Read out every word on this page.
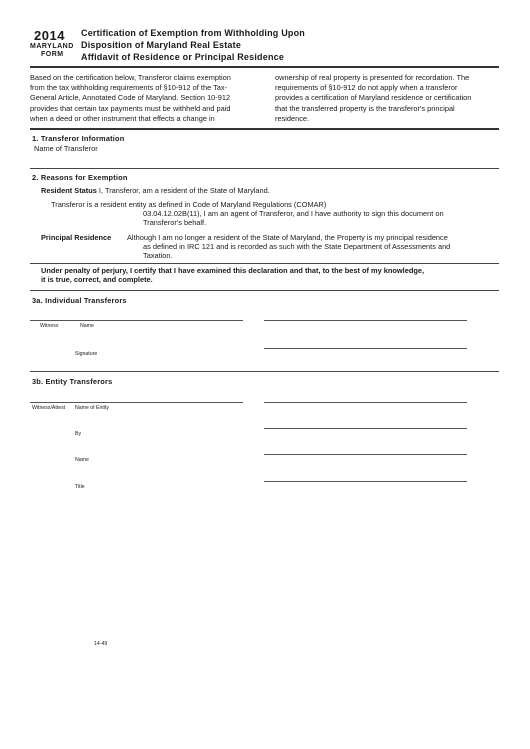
2014
MARYLAND
FORM
Certification of Exemption from Withholding Upon
Disposition of Maryland Real Estate
Affidavit of Residence or Principal Residence
Based on the certification below, Transferor claims exemption
from the tax withholding requirements of §10-912 of the Tax-
General Article, Annotated Code of Maryland. Section 10-912
provides that certain tax payments must be withheld and paid
when a deed or other instrument that effects a change in
ownership of real property is presented for recordation. The
requirements of §10-912 do not apply when a transferor
provides a certification of Maryland residence or certification
that the transferred property is the transferor's principal
residence.
1. Transferor Information
Name of Transferor
2. Reasons for Exemption
Resident Status I, Transferor, am a resident of the State of Maryland.
Transferor is a resident entity as defined in Code of Maryland Regulations (COMAR)
03.04.12.02B(11), I am an agent of Transferor, and I have authority to sign this document on
Transferor's behalf.
Principal Residence Although I am no longer a resident of the State of Maryland, the Property is my principal residence
as defined in IRC 121 and is recorded as such with the State Department of Assessments and
Taxation.
Under penalty of perjury, I certify that I have examined this declaration and that, to the best of my knowledge,
it is true, correct, and complete.
3a. Individual Transferors
Witness	Name
Signature
3b. Entity Transferors
Witness/Attest Name of Entity
By
Name
Title
14-49
